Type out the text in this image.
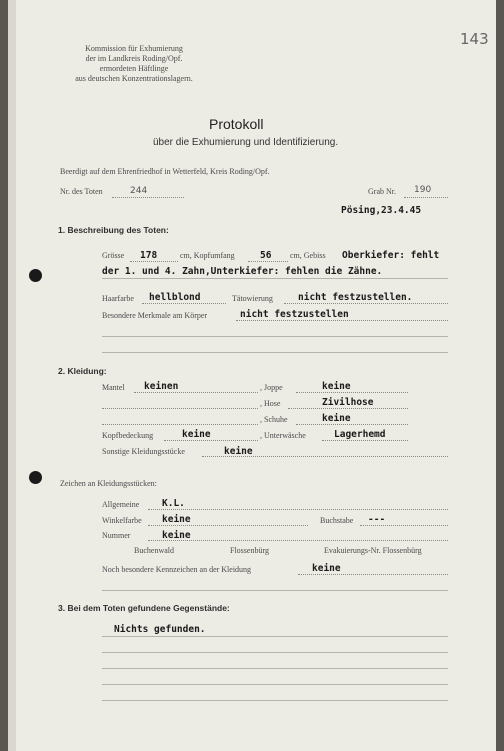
143
Kommission für Exhumierung
der im Landkreis Roding/Opf.
ermordeten Häftlinge
aus deutschen Konzentrationslagern.
Protokoll
über die Exhumierung und Identifizierung.
Beerdigt auf dem Ehrenfriedhof in Wetterfeld, Kreis Roding/Opf.
Nr. des Toten	244	Grab Nr. 190
Pösing,23.4.45
1. Beschreibung des Toten:
Grösse 178	cm, Kopfumfang	56 cm, Gebiss Oberkiefer: fehlt
der 1. und 4. Zahn,Unterkiefer: fehlen die Zähne.
Haarfarbe hellblond	Tätowierung	nicht festzustellen.
Besondere Merkmale am Körper	nicht festzustellen
2. Kleidung:
Mantel keinen	, Joppe	keine
, Hose	Zivilhose
, Schuhe	keine
Kopfbedeckung	keine	, Unterwäsche	Lagerhemd
Sonstige Kleidungsstücke	keine
Zeichen an Kleidungsstücken:
Allgemeine K.L.
Winkelfarbe keine	Buchstabe ---
Nummer	keine
Buchenwald	Flossenbürg	Evakuierungs-Nr. Flossenbürg
Noch besondere Kennzeichen an der Kleidung	keine
3. Bei dem Toten gefundene Gegenstände:
Nichts gefunden.
